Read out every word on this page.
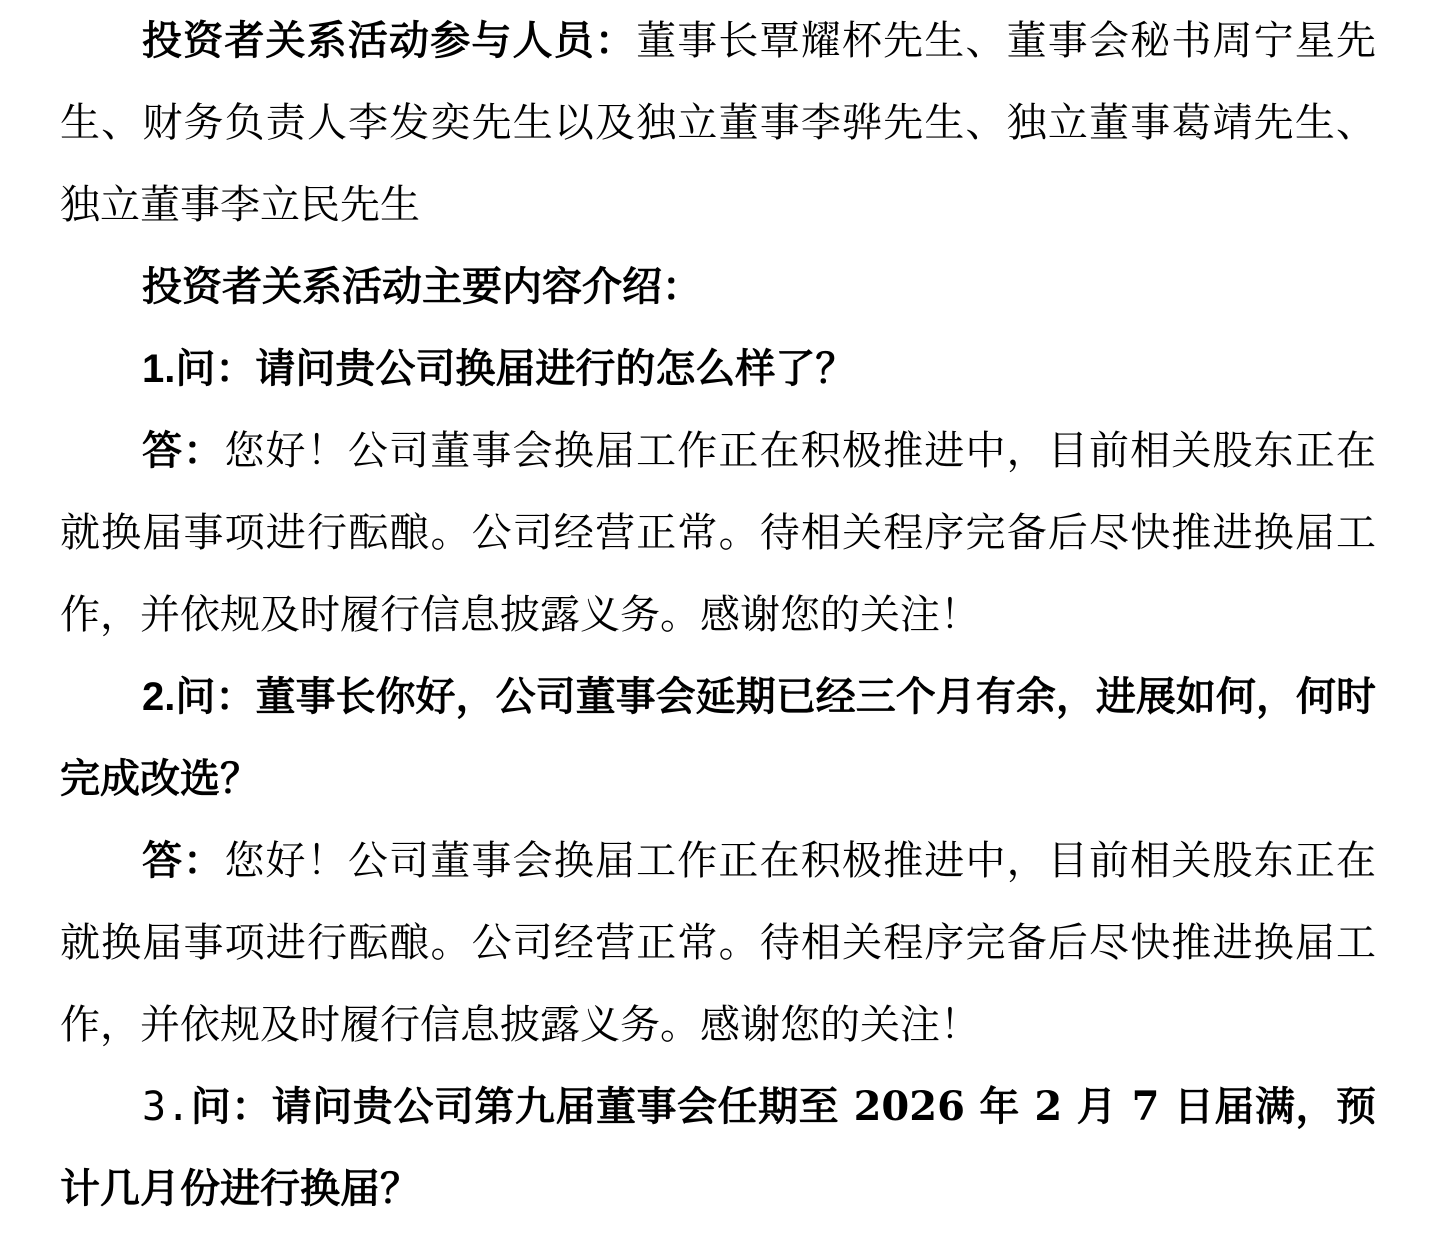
投资者关系活动参与人员：董事长覃耀杯先生、董事会秘书周宁星先生、财务负责人李发奕先生以及独立董事李骅先生、独立董事葛靖先生、独立董事李立民先生

投资者关系活动主要内容介绍：

1.问：请问贵公司换届进行的怎么样了？

答：您好！公司董事会换届工作正在积极推进中，目前相关股东正在就换届事项进行酝酿。公司经营正常。待相关程序完备后尽快推进换届工作，并依规及时履行信息披露义务。感谢您的关注！

2.问：董事长你好，公司董事会延期已经三个月有余，进展如何，何时完成改选？

答：您好！公司董事会换届工作正在积极推进中，目前相关股东正在就换届事项进行酝酿。公司经营正常。待相关程序完备后尽快推进换届工作，并依规及时履行信息披露义务。感谢您的关注！

3.问：请问贵公司第九届董事会任期至 2026 年 2 月 7 日届满，预计几月份进行换届？
